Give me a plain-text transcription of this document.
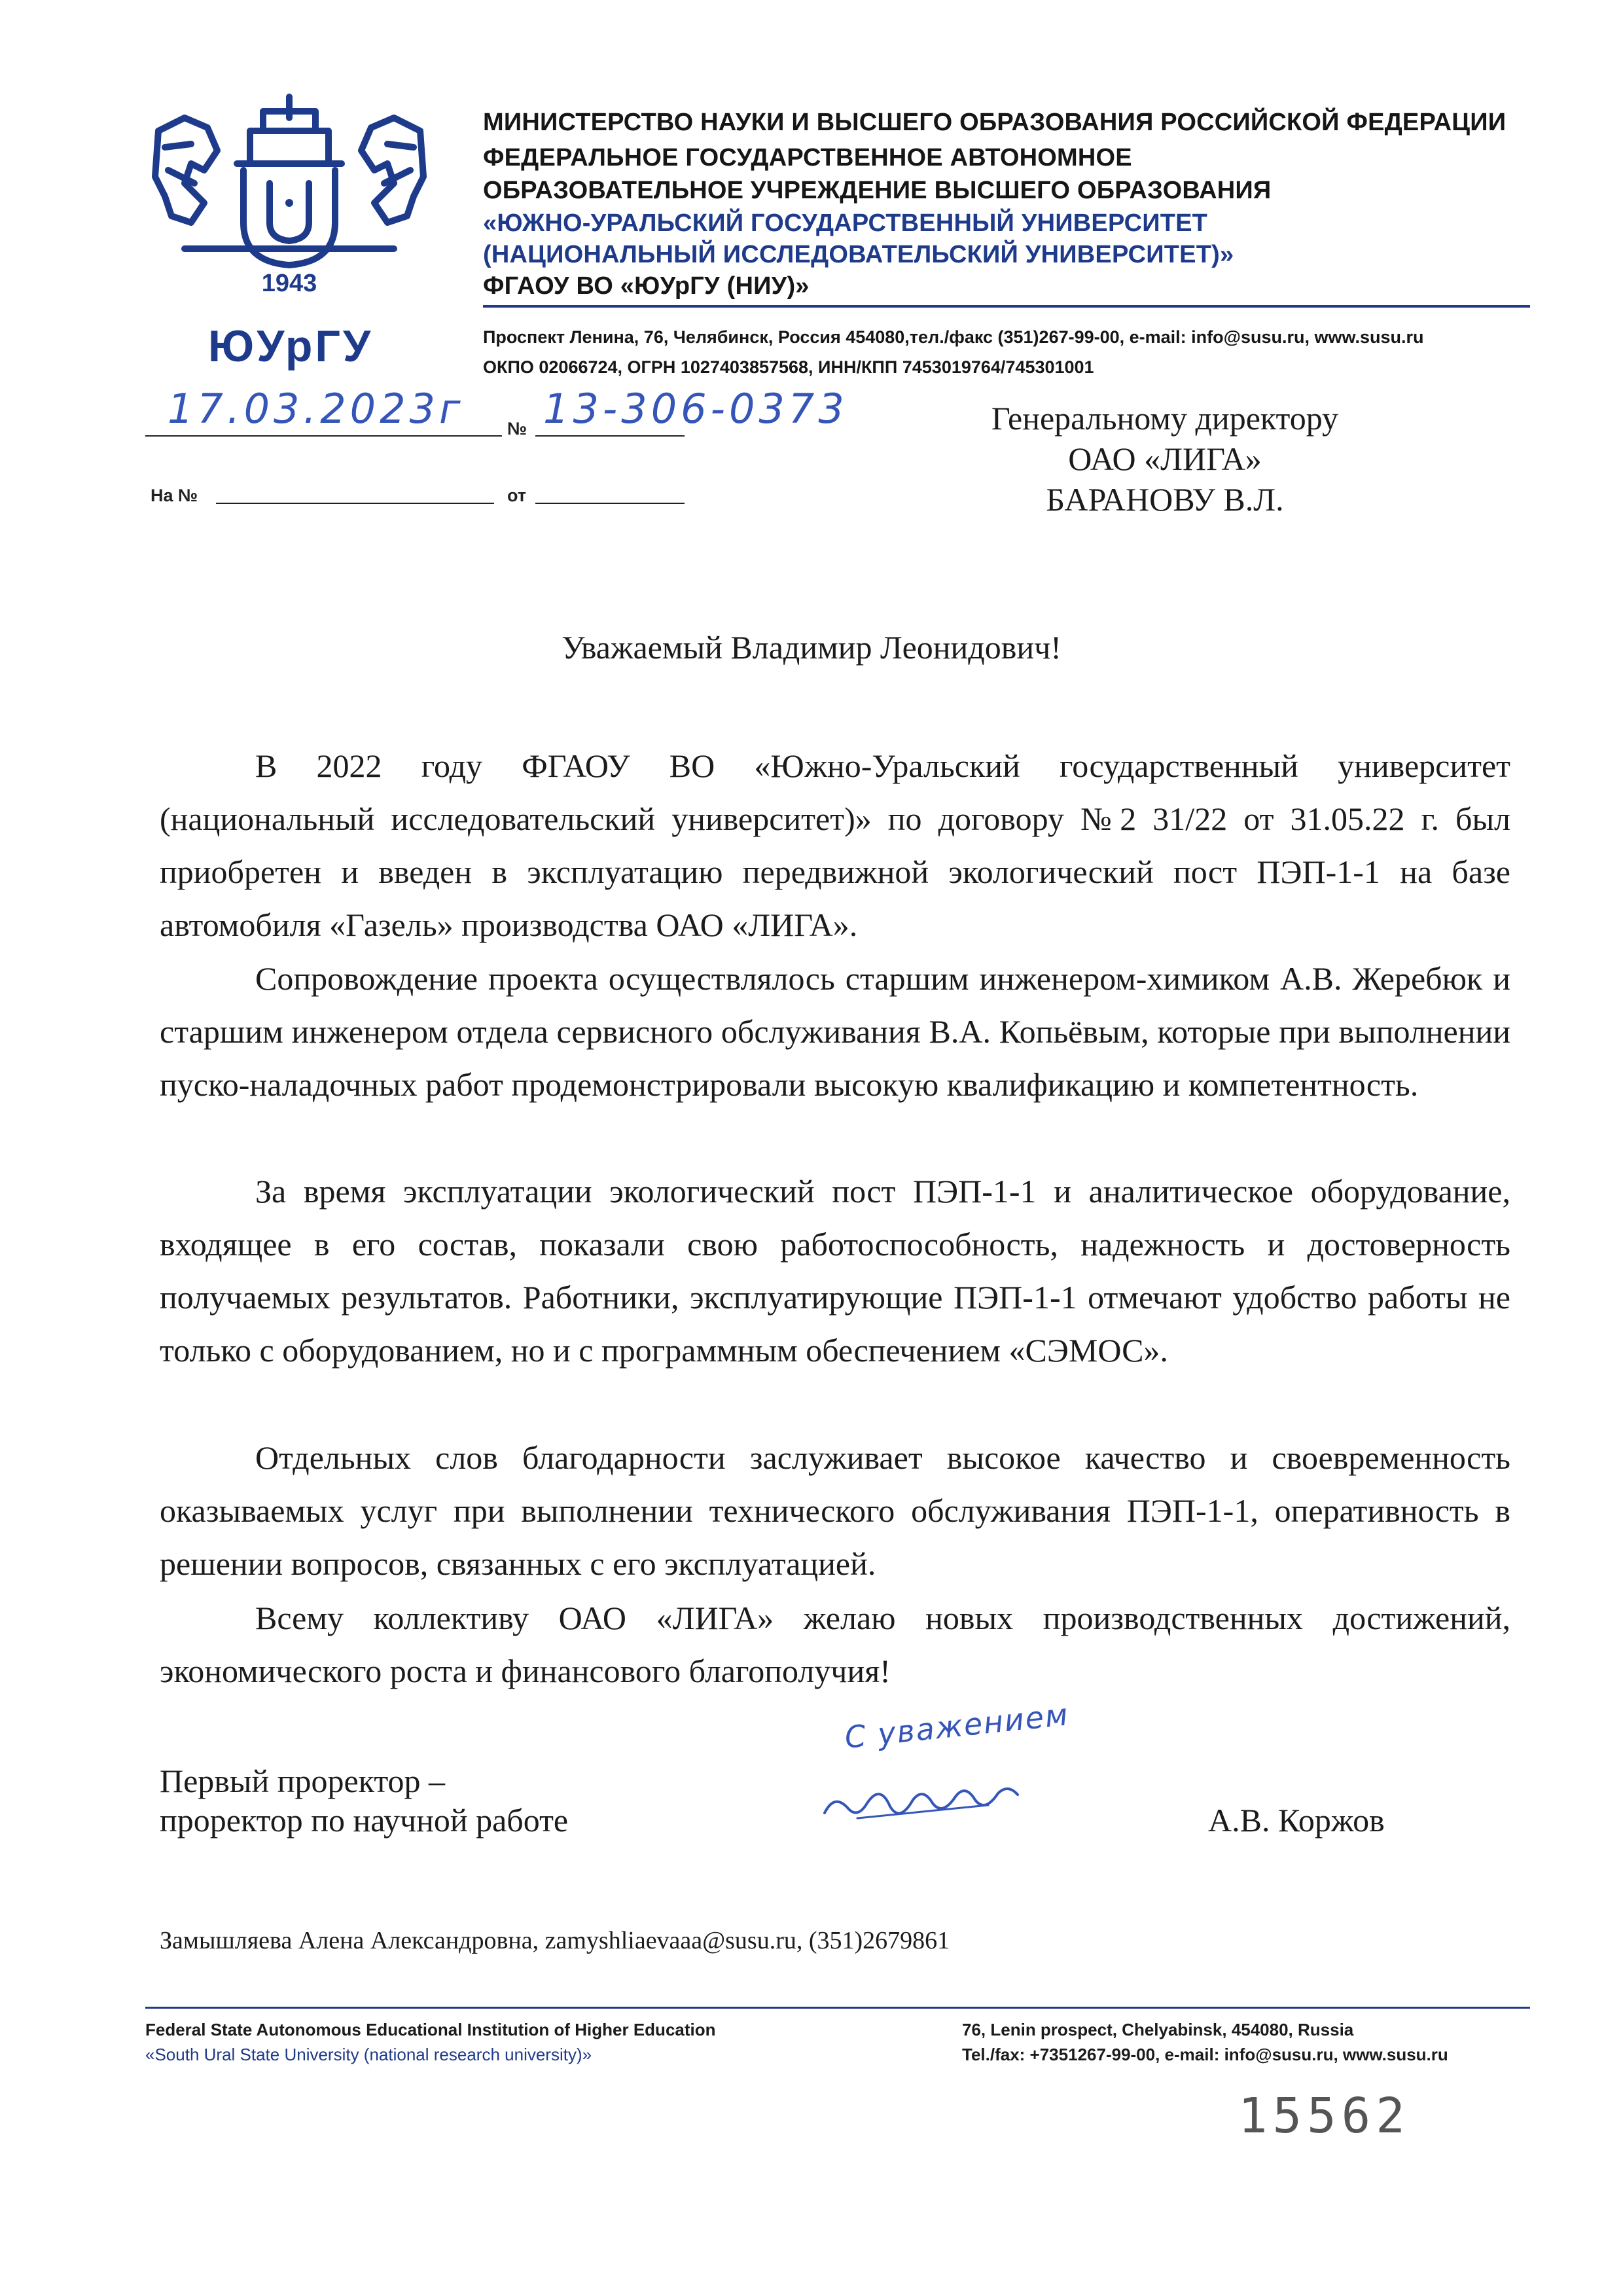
1943
МИНИСТЕРСТВО НАУКИ И ВЫСШЕГО ОБРАЗОВАНИЯ РОССИЙСКОЙ ФЕДЕРАЦИИ
ФЕДЕРАЛЬНОЕ ГОСУДАРСТВЕННОЕ АВТОНОМНОЕ
ОБРАЗОВАТЕЛЬНОЕ УЧРЕЖДЕНИЕ ВЫСШЕГО ОБРАЗОВАНИЯ
«ЮЖНО-УРАЛЬСКИЙ ГОСУДАРСТВЕННЫЙ УНИВЕРСИТЕТ
(НАЦИОНАЛЬНЫЙ ИССЛЕДОВАТЕЛЬСКИЙ УНИВЕРСИТЕТ)»
ФГАОУ ВО «ЮУрГУ (НИУ)»
ЮУрГУ	Проспект Ленина, 76, Челябинск, Россия 454080,тел./факс (351)267-99-00, e-mail: info@susu.ru, www.susu.ru
ОКПО 02066724, ОГРН 1027403857568, ИНН/КПП 7453019764/745301001
17.03.2023г № 13-306-0373
На №	от
Генеральному директору
ОАО «ЛИГА»
БАРАНОВУ В.Л.
Уважаемый Владимир Леонидович!

В 2022 году ФГАОУ ВО «Южно-Уральский государственный университет (национальный исследовательский университет)» по договору №2 31/22 от 31.05.22 г. был приобретен и введен в эксплуатацию передвижной экологический пост ПЭП-1-1 на базе автомобиля «Газель» производства ОАО «ЛИГА».

Сопровождение проекта осуществлялось старшим инженером-химиком А.В. Жеребюк и старшим инженером отдела сервисного обслуживания В.А. Копьёвым, которые при выполнении пуско-наладочных работ продемонстрировали высокую квалификацию и компетентность.

За время эксплуатации экологический пост ПЭП-1-1 и аналитическое оборудование, входящее в его состав, показали свою работоспособность, надежность и достоверность получаемых результатов. Работники, эксплуатирующие ПЭП-1-1 отмечают удобство работы не только с оборудованием, но и с программным обеспечением «СЭМОС».

Отдельных слов благодарности заслуживает высокое качество и своевременность оказываемых услуг при выполнении технического обслуживания ПЭП-1-1, оперативность в решении вопросов, связанных с его эксплуатацией.

Всему коллективу ОАО «ЛИГА» желаю новых производственных достижений, экономического роста и финансового благополучия!

Первый проректор –
проректор по научной работе
С уважением
А.В. Коржов
Замышляева Алена Александровна, zamyshliaevaaa@susu.ru, (351)2679861
Federal State Autonomous Educational Institution of Higher Education
«South Ural State University (national research university)»
76, Lenin prospect, Chelyabinsk, 454080, Russia
Tel./fax: +7351267-99-00, e-mail: info@susu.ru, www.susu.ru
15562
